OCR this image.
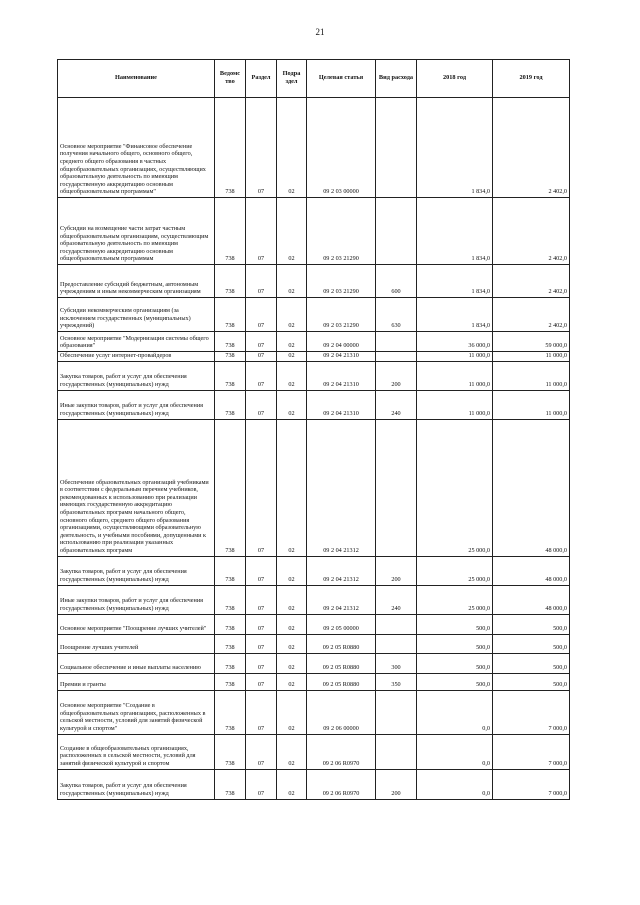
21
Наименование	Ведомс тво	Раздел	Подра здел	Целевая статья	Вид расхода	2018 год	2019 год
Основное мероприятие "Финансовое обеспечение получения начального общего, основного общего, среднего общего образования в частных общеобразовательных организациях, осуществляющих образовательную деятельность по имеющим государственную аккредитацию основным общеобразовательным программам"	738	07	02	09 2 03 00000		1 834,0	2 402,0
Субсидии на возмещение части затрат частным общеобразовательным организациям, осуществляющим образовательную деятельность по имеющим государственную аккредитацию основным общеобразовательным программам	738	07	02	09 2 03 21290		1 834,0	2 402,0
Предоставление субсидий бюджетным, автономным учреждениям и иным некоммерческим организациям	738	07	02	09 2 03 21290	600	1 834,0	2 402,0
Субсидии некоммерческим организациям (за исключением государственных (муниципальных) учреждений)	738	07	02	09 2 03 21290	630	1 834,0	2 402,0
Основное мероприятие "Модернизация системы общего образования"	738	07	02	09 2 04 00000		36 000,0	59 000,0
Обеспечение услуг интернет-провайдеров	738	07	02	09 2 04 21310		11 000,0	11 000,0
Закупка товаров, работ и услуг для обеспечения государственных (муниципальных) нужд	738	07	02	09 2 04 21310	200	11 000,0	11 000,0
Иные закупки товаров, работ и услуг для обеспечения государственных (муниципальных) нужд	738	07	02	09 2 04 21310	240	11 000,0	11 000,0
Обеспечение образовательных организаций учебниками в соответствии с федеральным перечнем учебников, рекомендованных к использованию при реализации имеющих государственную аккредитацию образовательных программ начального общего, основного общего, среднего общего образования организациями, осуществляющими образовательную деятельность, и учебными пособиями, допущенными к использованию при реализации указанных образовательных программ	738	07	02	09 2 04 21312		25 000,0	48 000,0
Закупка товаров, работ и услуг для обеспечения государственных (муниципальных) нужд	738	07	02	09 2 04 21312	200	25 000,0	48 000,0
Иные закупки товаров, работ и услуг для обеспечения государственных (муниципальных) нужд	738	07	02	09 2 04 21312	240	25 000,0	48 000,0
Основное мероприятие "Поощрение лучших учителей"	738	07	02	09 2 05 00000		500,0	500,0
Поощрение лучших учителей	738	07	02	09 2 05 R0880		500,0	500,0
Социальное обеспечение и иные выплаты населению	738	07	02	09 2 05 R0880	300	500,0	500,0
Премии и гранты	738	07	02	09 2 05 R0880	350	500,0	500,0
Основное мероприятие "Создание в общеобразовательных организациях, расположенных в сельской местности, условий для занятий физической культурой и спортом"	738	07	02	09 2 06 00000		0,0	7 000,0
Создание в общеобразовательных организациях, расположенных в сельской местности, условий для занятий физической культурой и спортом	738	07	02	09 2 06 R0970		0,0	7 000,0
Закупка товаров, работ и услуг для обеспечения государственных (муниципальных) нужд	738	07	02	09 2 06 R0970	200	0,0	7 000,0
